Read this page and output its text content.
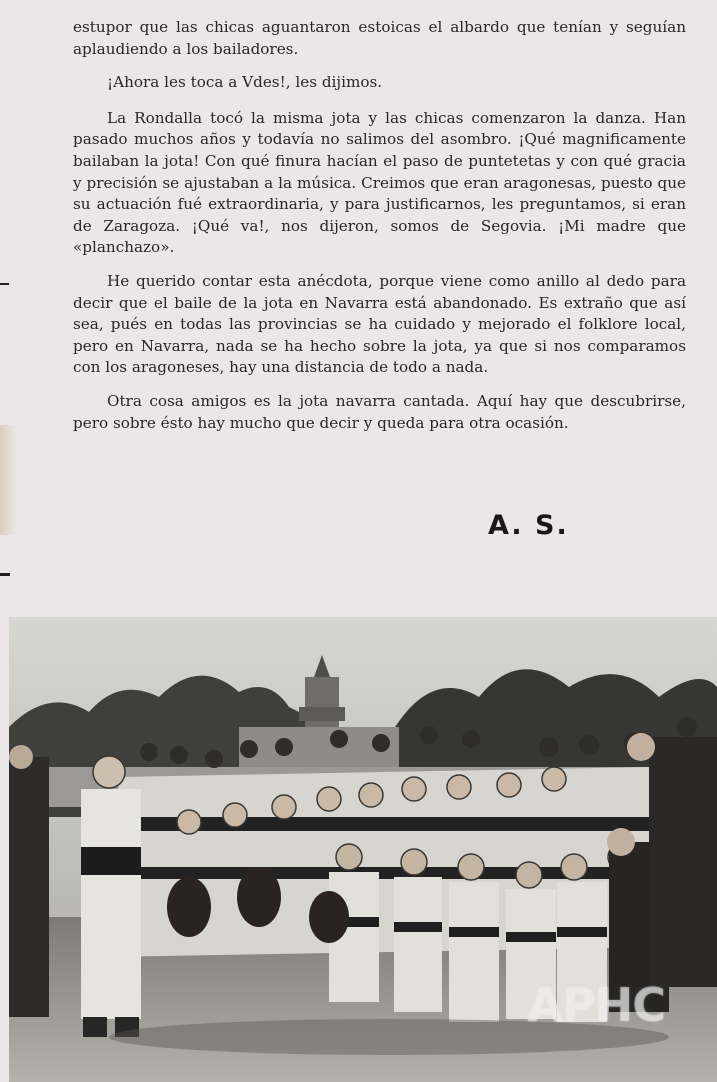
estupor que las chicas aguantaron estoicas el albardo que tenían y seguían aplaudiendo a los bailadores.

¡Ahora les toca a Vdes!, les dijimos.

La Rondalla tocó la misma jota y las chicas comenzaron la danza. Han pasado muchos años y todavía no salimos del asombro. ¡Qué magnificamente bailaban la jota! Con qué finura hacían el paso de puntetetas y con qué gracia y precisión se ajustaban a la música. Creimos que eran aragonesas, puesto que su actuación fué extraordinaria, y para justificarnos, les preguntamos, si eran de Zaragoza. ¡Qué va!, nos dijeron, somos de Segovia. ¡Mi madre que «planchazo».

He querido contar esta anécdota, porque viene como anillo al dedo para decir que el baile de la jota en Navarra está abandonado. Es extraño que así sea, pués en todas las provincias se ha cuidado y mejorado el folklore local, pero en Navarra, nada se ha hecho sobre la jota, ya que si nos comparamos con los aragoneses, hay una distancia de todo a nada.

Otra cosa amigos es la jota navarra cantada. Aquí hay que descubrirse, pero sobre ésto hay mucho que decir y queda para otra ocasión.

A. S.
APHC
